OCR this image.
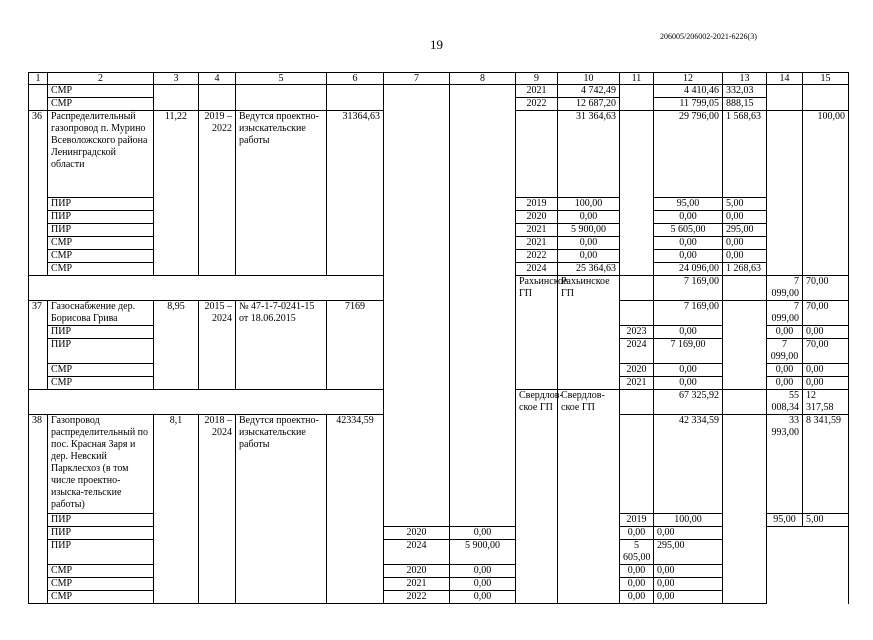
19
206005/206002-2021-6226(3)
1	2	3	4	5	6	7	8	9	10	11	12	13	14	15	
	СМР							2021	4 742,49		4 410,46	332,03			
	СМР							2022	12 687,20		11 799,05	888,15			
36	Распределительный газопровод п. Мурино Всеволожского района Ленинградской области	11,22	2019 – 2022	Ведутся проектно-изыскательские работы	31364,63				31 364,63		29 796,00	1 568,63		100,00	
	ПИР							2019	100,00		95,00	5,00			
	ПИР							2020	0,00		0,00	0,00			
	ПИР							2021	5 900,00		5 605,00	295,00			
	СМР							2021	0,00		0,00	0,00			
	СМР							2022	0,00		0,00	0,00			
	СМР							2024	25 364,63		24 096,00	1 268,63			
								Рахьинское ГП	Рахьинское ГП		7 169,00		7 099,00	70,00		
37	Газоснабжение дер. Борисова Грива	8,95	2015 – 2024	№ 47-1-7-0241-15 от 18.06.2015	7169						7 169,00		7 099,00	70,00		
	ПИР									2023	0,00		0,00	0,00	
	ПИР									2024	7 169,00		7 099,00	70,00	
	СМР									2020	0,00		0,00	0,00	
	СМР									2021	0,00		0,00	0,00	
								Свердлов-ское ГП	Свердлов-ское ГП		67 325,92		55 008,34	12 317,58		
38	Газопровод распределительный по пос. Красная Заря и дер. Невский Парклесхоз (в том числе проектно-изыска-тельские работы)	8,1	2018 – 2024	Ведутся проектно-изыскательские работы	42334,59						42 334,59		33 993,00	8 341,59		
	ПИР									2019	100,00		95,00	5,00	
	ПИР					2020	0,00			0,00	0,00				
	ПИР					2024	5 900,00			5 605,00	295,00				
	СМР					2020	0,00			0,00	0,00				
	СМР					2021	0,00			0,00	0,00				
	СМР					2022	0,00			0,00	0,00				
